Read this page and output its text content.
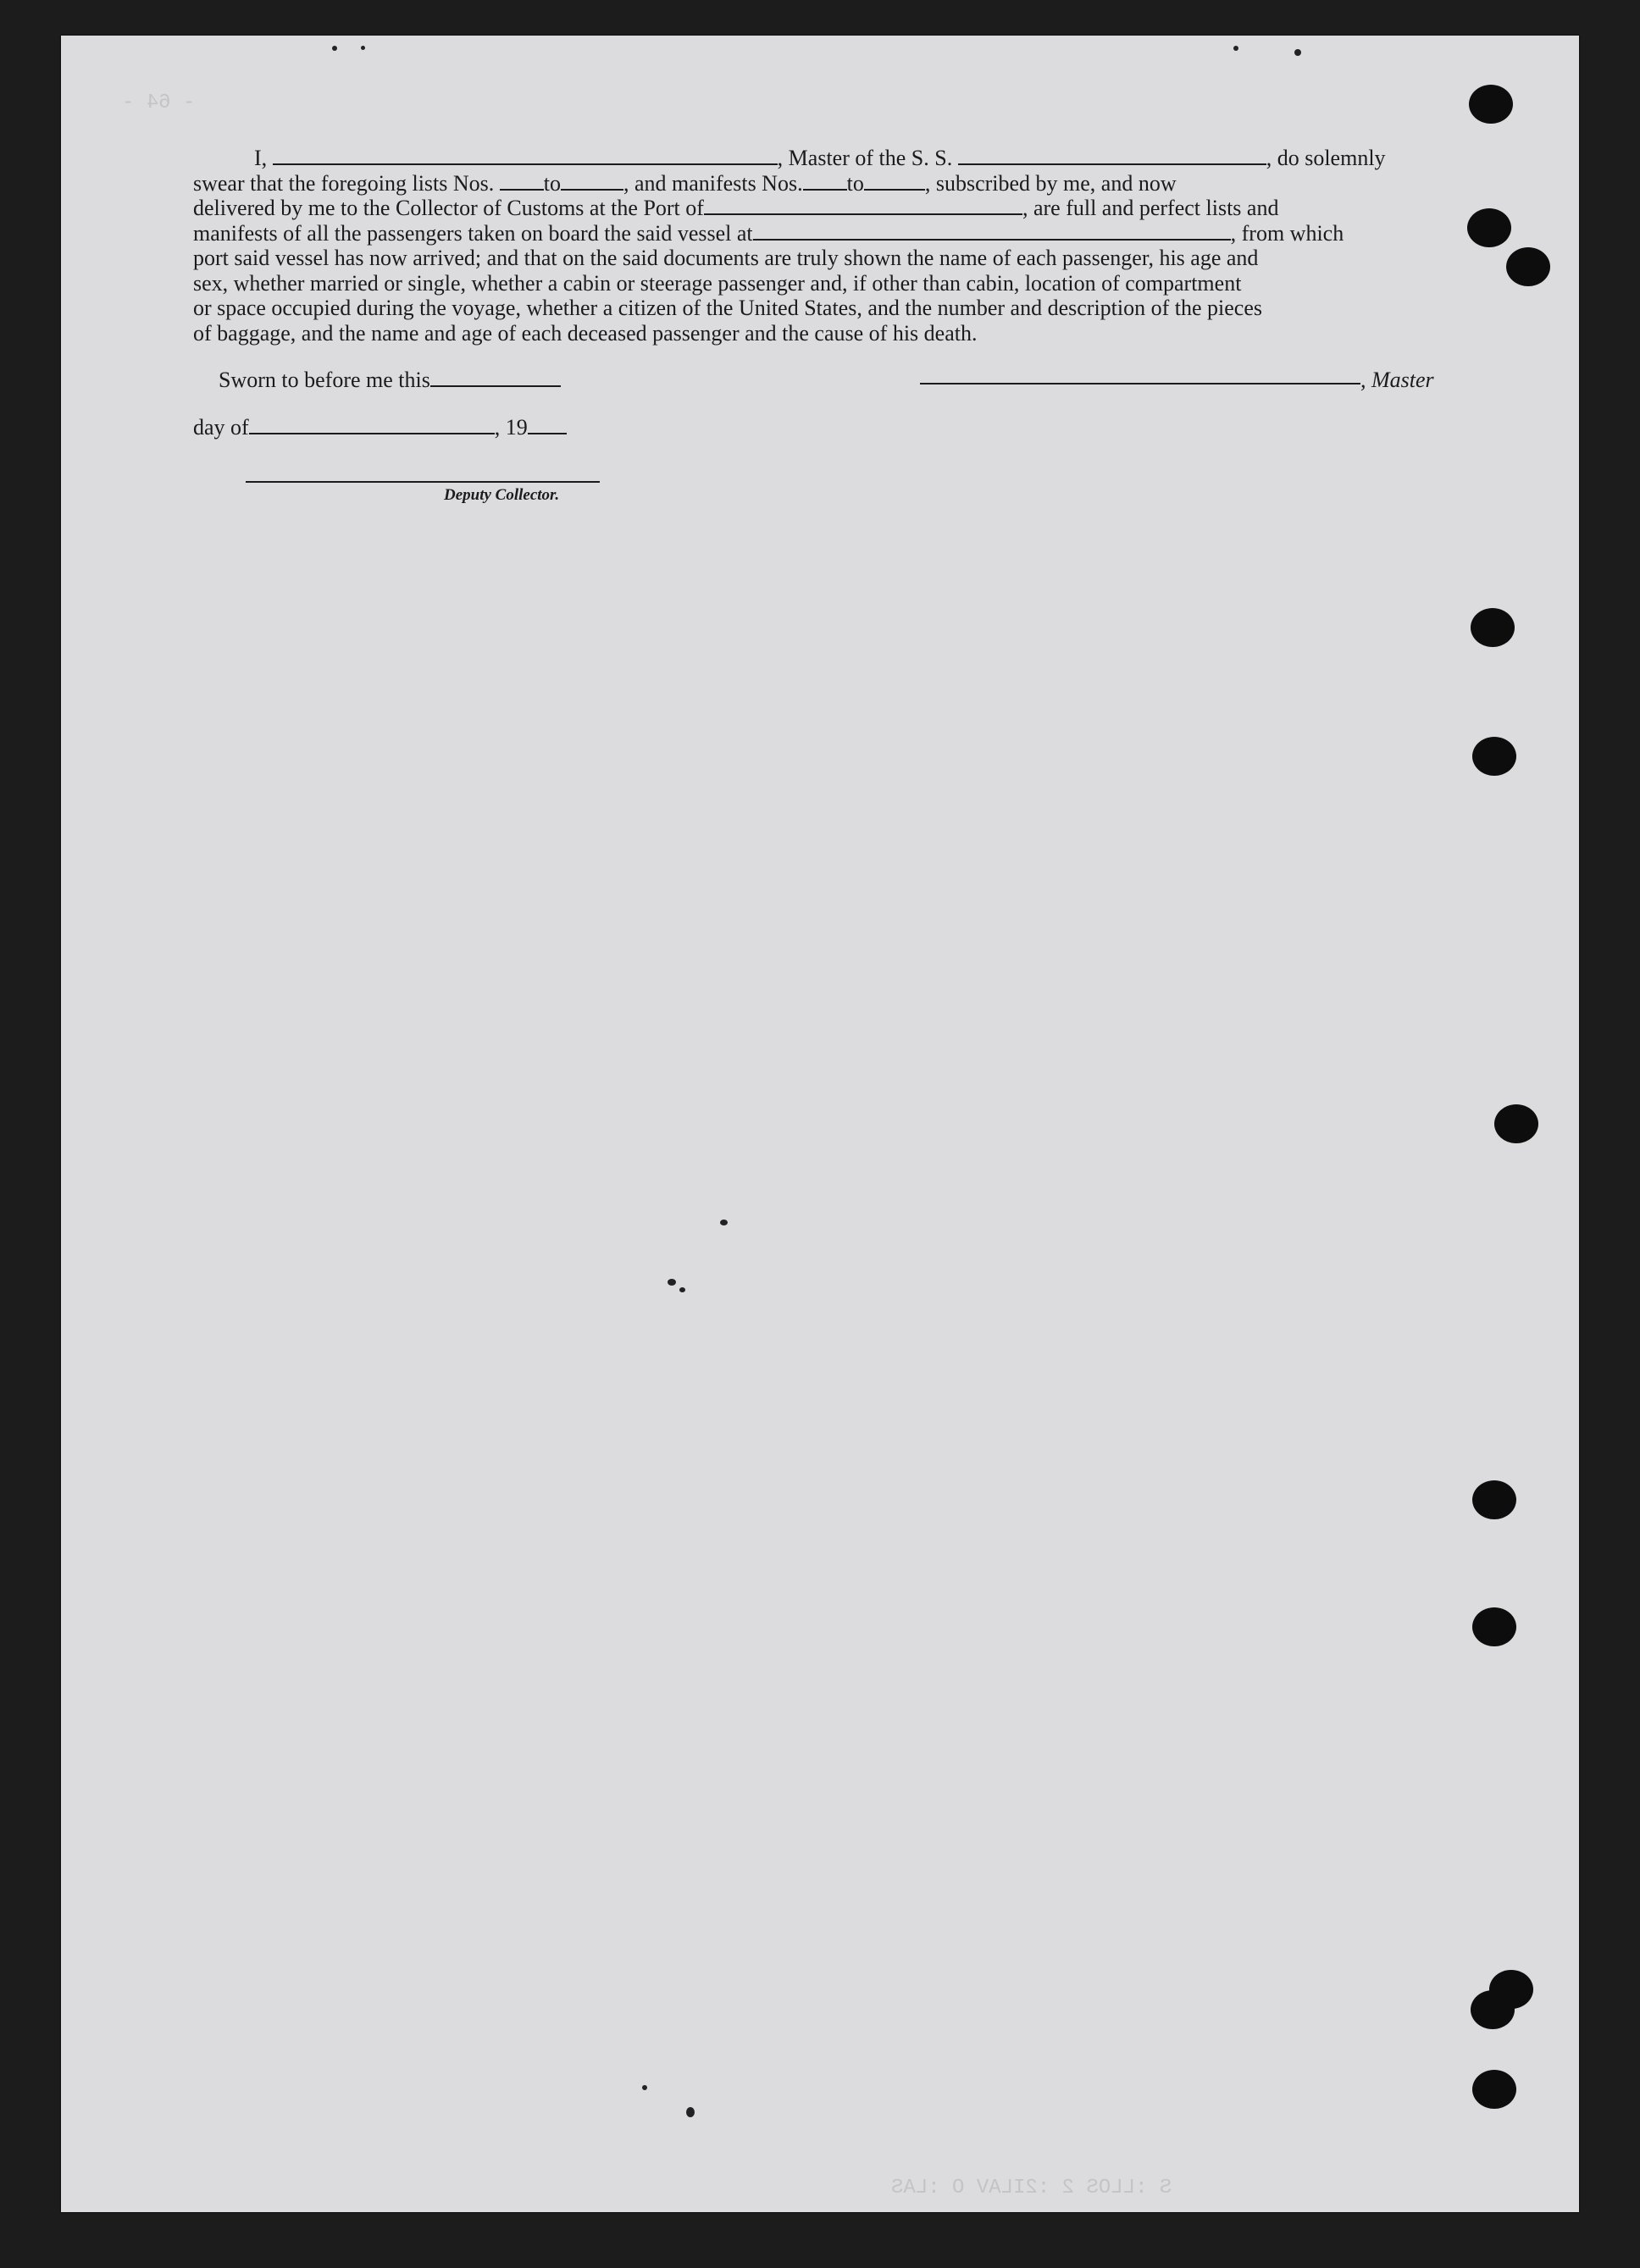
- 64 -
S :LLOS 2 :2ILAV O :LAS
I,	, Master of the S. S.	, do solemnly
swear that the foregoing lists Nos. to	, and manifests Nos. to	, subscribed by me, and now
delivered by me to the Collector of Customs at the Port of	, are full and perfect lists and
manifests of all the passengers taken on board the said vessel at	, from which
port said vessel has now arrived; and that on the said documents are truly shown the name of each passenger, his age and
sex, whether married or single, whether a cabin or steerage passenger and, if other than cabin, location of compartment
or space occupied during the voyage, whether a citizen of the United States, and the number and description of the pieces
of baggage, and the name and age of each deceased passenger and the cause of his death.
Sworn to before me this	, Master
day of	, 19
Deputy Collector.
